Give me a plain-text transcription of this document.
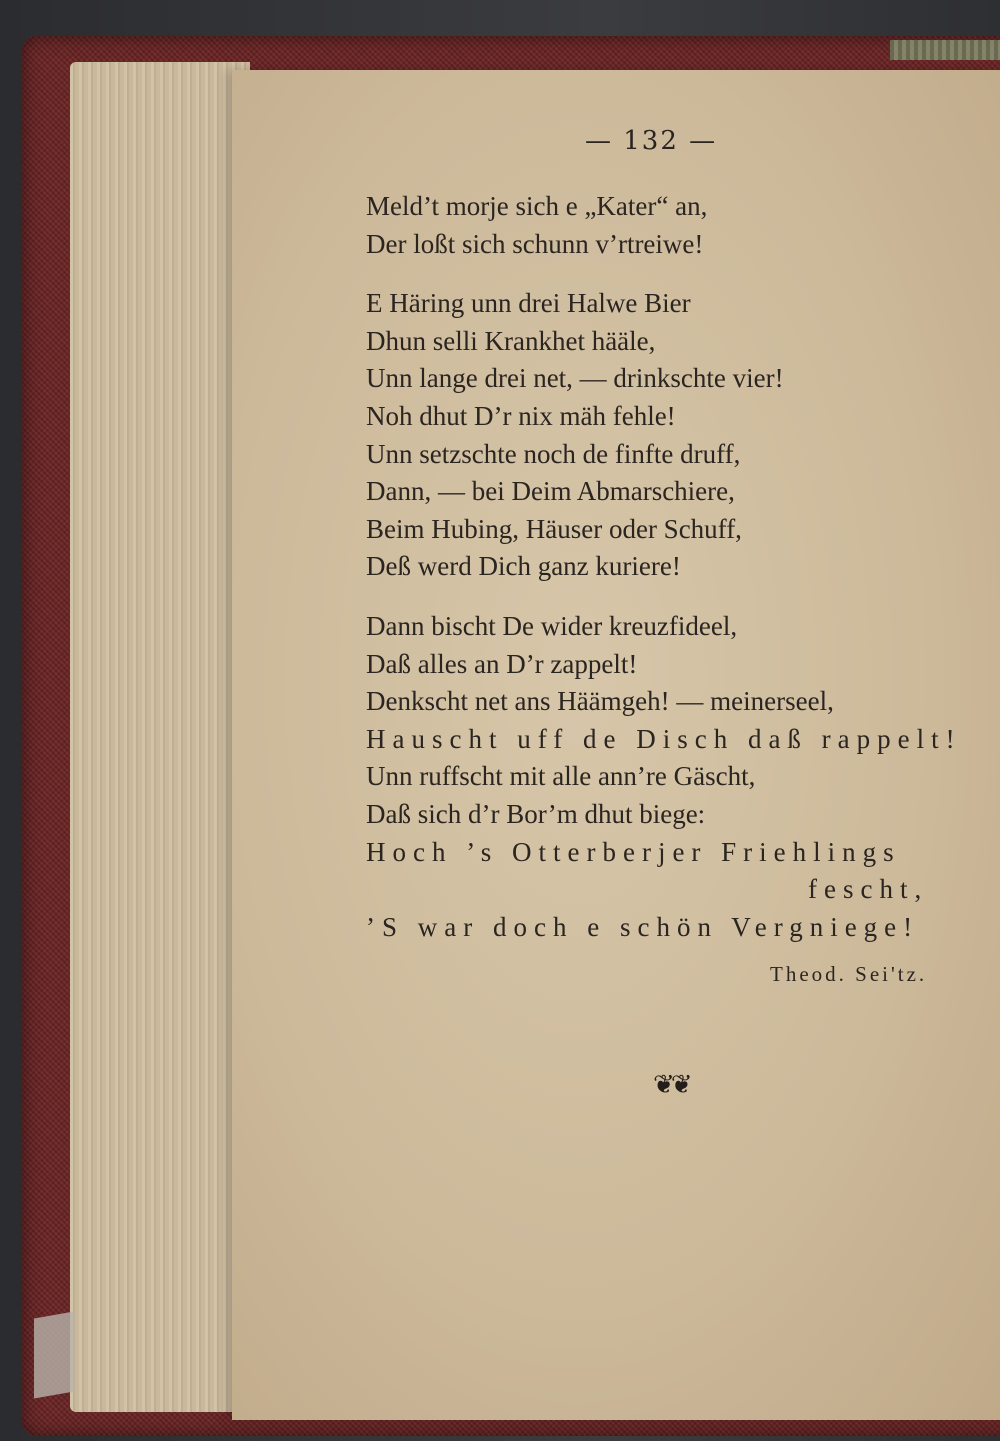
— 132 —
Meld’t morje sich e „Kater“ an,
Der loßt sich schunn v’rtreiwe!
E Häring unn drei Halwe Bier
Dhun selli Krankhet hääle,
Unn lange drei net, — drinkschte vier!
Noh dhut D’r nix mäh fehle!
Unn setzschte noch de finfte druff,
Dann, — bei Deim Abmarschiere,
Beim Hubing, Häuser oder Schuff,
Deß werd Dich ganz kuriere!
Dann bischt De wider kreuzfideel,
Daß alles an D’r zappelt!
Denkscht net ans Häämgeh! — meinerseel,
Hauscht uff de Disch daß rappelt!
Unn ruffscht mit alle ann’re Gäscht,
Daß sich d’r Bor’m dhut biege:
Hoch ’s Otterberjer Friehlings
fescht,
’S war doch e schön Vergniege!
Theod. Sei'tz.
❦❦
